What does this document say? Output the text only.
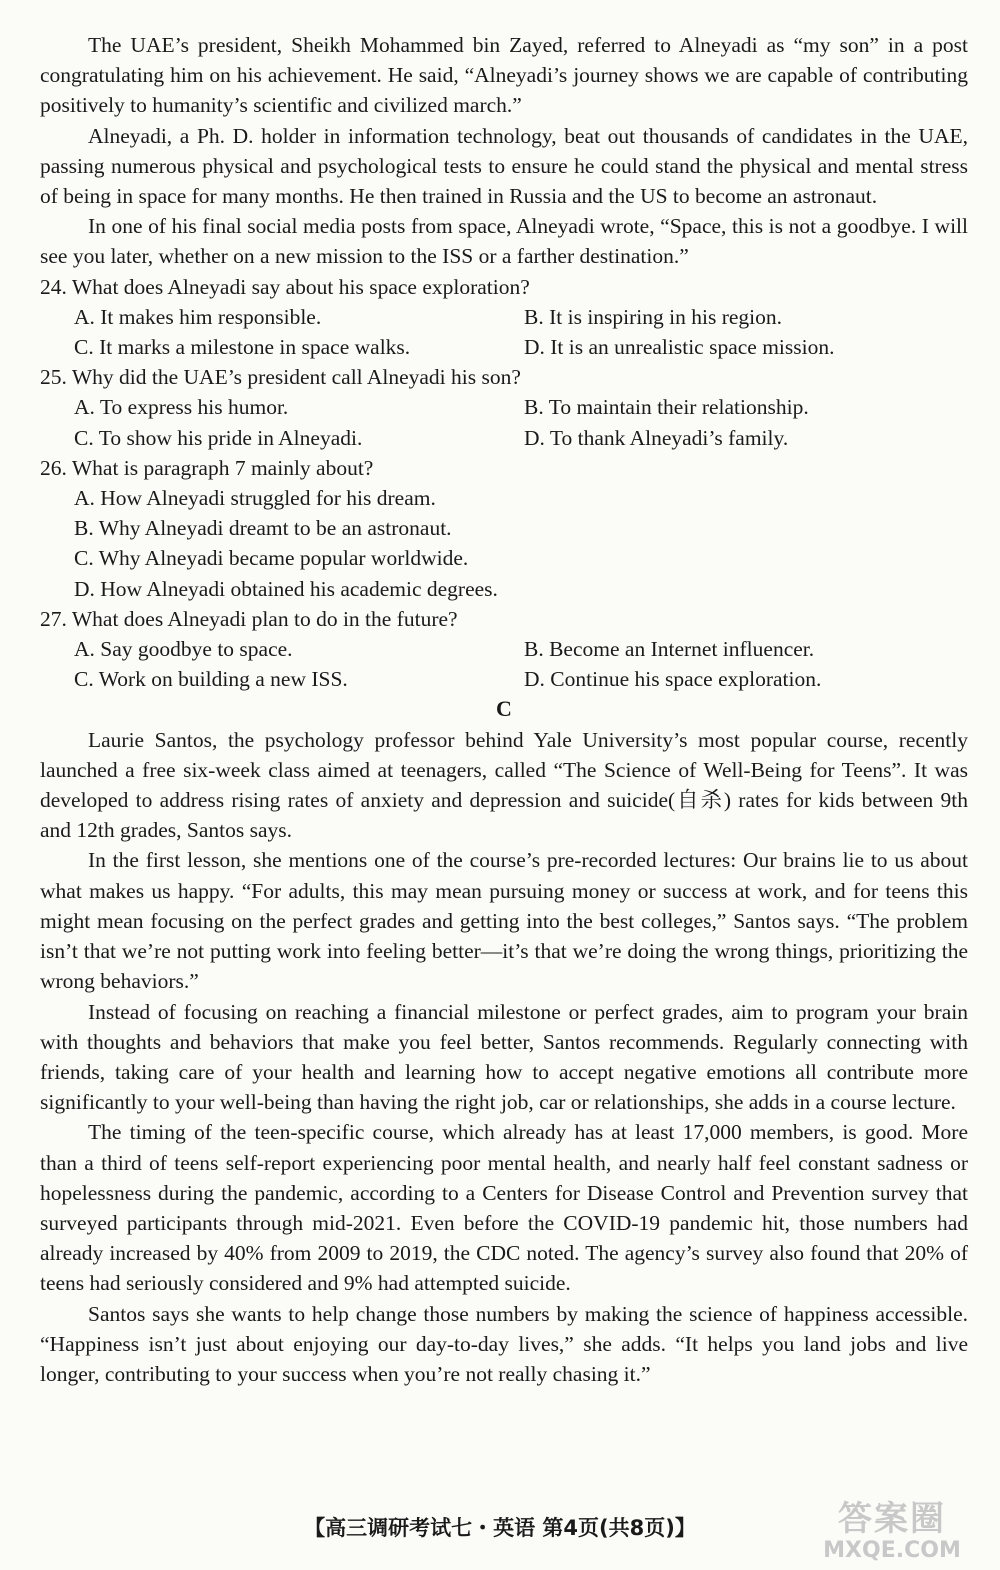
The UAE’s president, Sheikh Mohammed bin Zayed, referred to Alneyadi as “my son” in a post congratulating him on his achievement. He said, “Alneyadi’s journey shows we are capable of contributing positively to humanity’s scientific and civilized march.”

Alneyadi, a Ph. D. holder in information technology, beat out thousands of candidates in the UAE, passing numerous physical and psychological tests to ensure he could stand the physical and mental stress of being in space for many months. He then trained in Russia and the US to become an astronaut.

In one of his final social media posts from space, Alneyadi wrote, “Space, this is not a goodbye. I will see you later, whether on a new mission to the ISS or a farther destination.”

24. What does Alneyadi say about his space exploration?

A. It makes him responsible.	B. It is inspiring in his region.
C. It marks a milestone in space walks.	D. It is an unrealistic space mission.

25. Why did the UAE’s president call Alneyadi his son?

A. To express his humor.	B. To maintain their relationship.
C. To show his pride in Alneyadi.	D. To thank Alneyadi’s family.

26. What is paragraph 7 mainly about?

A. How Alneyadi struggled for his dream.
B. Why Alneyadi dreamt to be an astronaut.
C. Why Alneyadi became popular worldwide.
D. How Alneyadi obtained his academic degrees.

27. What does Alneyadi plan to do in the future?

A. Say goodbye to space.	B. Become an Internet influencer.
C. Work on building a new ISS.	D. Continue his space exploration.

C

Laurie Santos, the psychology professor behind Yale University’s most popular course, recently launched a free six-week class aimed at teenagers, called “The Science of Well-Being for Teens”. It was developed to address rising rates of anxiety and depression and suicide(自杀) rates for kids between 9th and 12th grades, Santos says.

In the first lesson, she mentions one of the course’s pre-recorded lectures: Our brains lie to us about what makes us happy. “For adults, this may mean pursuing money or success at work, and for teens this might mean focusing on the perfect grades and getting into the best colleges,” Santos says. “The problem isn’t that we’re not putting work into feeling better—it’s that we’re doing the wrong things, prioritizing the wrong behaviors.”

Instead of focusing on reaching a financial milestone or perfect grades, aim to program your brain with thoughts and behaviors that make you feel better, Santos recommends. Regularly connecting with friends, taking care of your health and learning how to accept negative emotions all contribute more significantly to your well-being than having the right job, car or relationships, she adds in a course lecture.

The timing of the teen-specific course, which already has at least 17,000 members, is good. More than a third of teens self-report experiencing poor mental health, and nearly half feel constant sadness or hopelessness during the pandemic, according to a Centers for Disease Control and Prevention survey that surveyed participants through mid-2021. Even before the COVID-19 pandemic hit, those numbers had already increased by 40% from 2009 to 2019, the CDC noted. The agency’s survey also found that 20% of teens had seriously considered and 9% had attempted suicide.

Santos says she wants to help change those numbers by making the science of happiness accessible. “Happiness isn’t just about enjoying our day-to-day lives,” she adds. “It helps you land jobs and live longer, contributing to your success when you’re not really chasing it.”

【高三调研考试七・英语 第4页(共8页)】	答案圈
MXQE.COM
